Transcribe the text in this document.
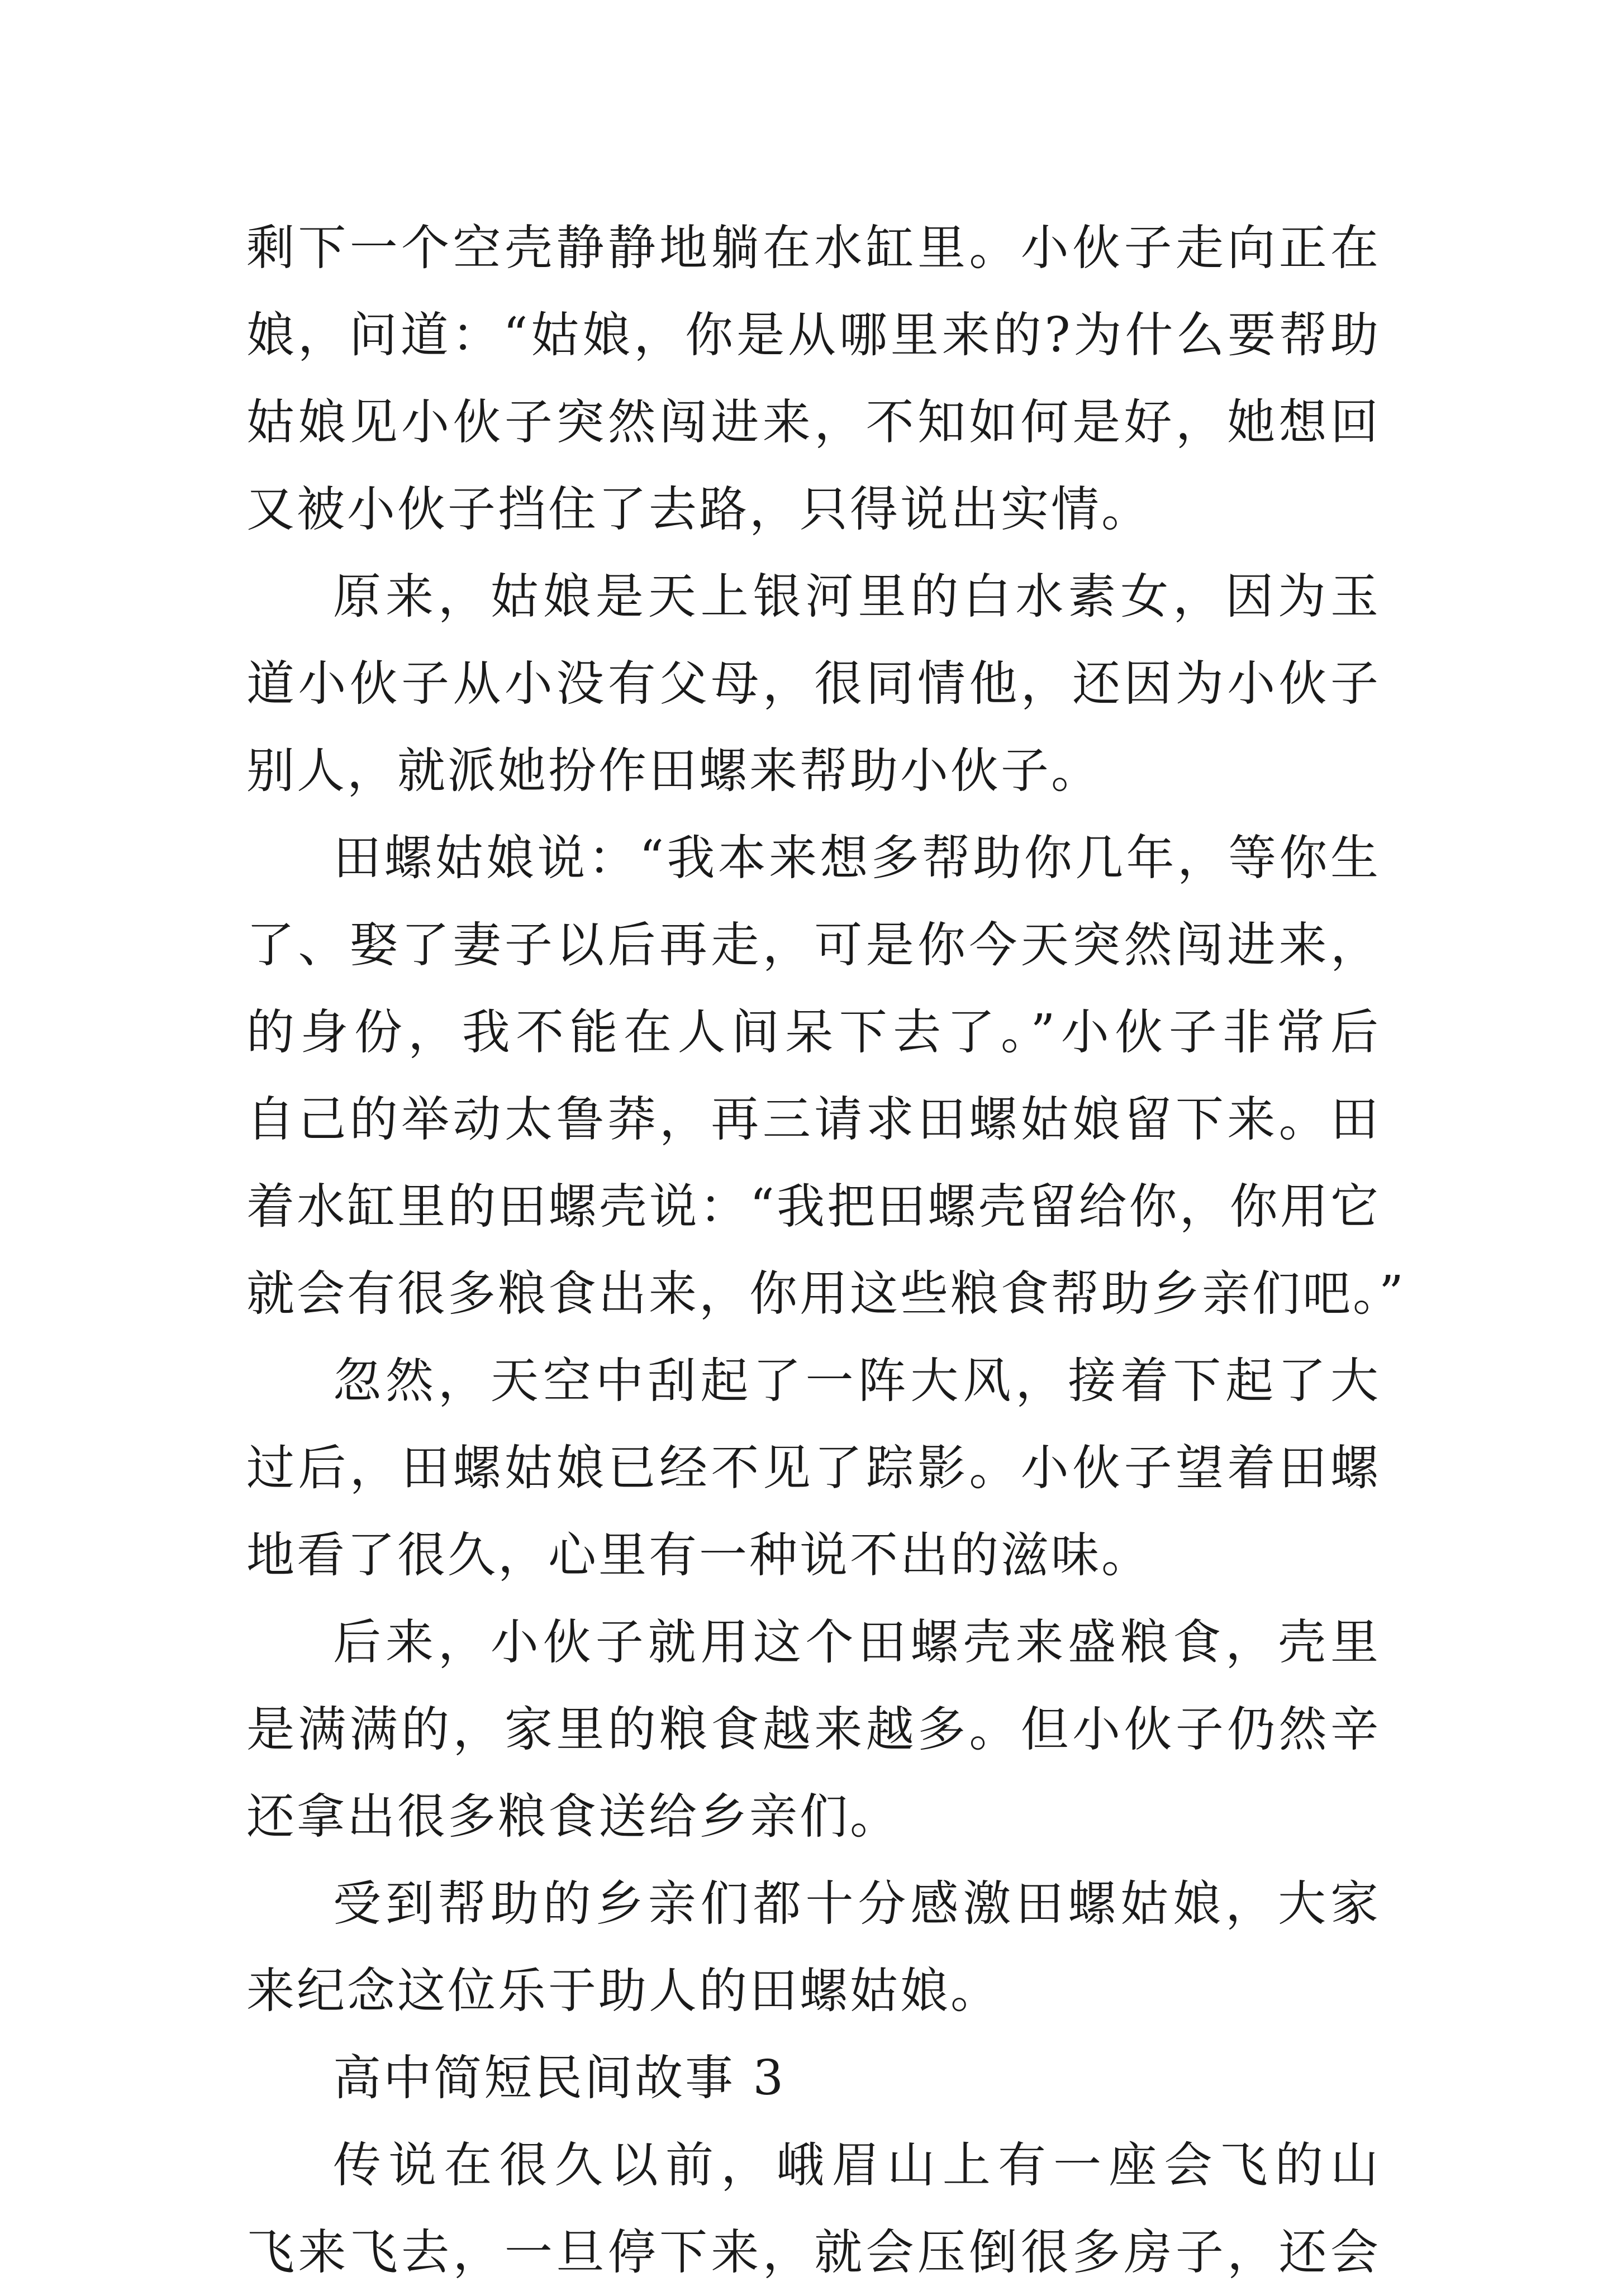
剩下一个空壳静静地躺在水缸里。小伙子走向正在
娘，问道：“姑娘，你是从哪里来的?为什么要帮助
姑娘见小伙子突然闯进来，不知如何是好，她想回
又被小伙子挡住了去路，只得说出实情。
原来，姑娘是天上银河里的白水素女，因为玉
道小伙子从小没有父母，很同情他，还因为小伙子
别人，就派她扮作田螺来帮助小伙子。
田螺姑娘说：“我本来想多帮助你几年，等你生
了、娶了妻子以后再走，可是你今天突然闯进来，
的身份，我不能在人间呆下去了。”小伙子非常后
自己的举动太鲁莽，再三请求田螺姑娘留下来。田
着水缸里的田螺壳说：“我把田螺壳留给你，你用它
就会有很多粮食出来，你用这些粮食帮助乡亲们吧。”
忽然，天空中刮起了一阵大风，接着下起了大
过后，田螺姑娘已经不见了踪影。小伙子望着田螺
地看了很久，心里有一种说不出的滋味。
后来，小伙子就用这个田螺壳来盛粮食，壳里
是满满的，家里的粮食越来越多。但小伙子仍然辛
还拿出很多粮食送给乡亲们。
受到帮助的乡亲们都十分感激田螺姑娘，大家
来纪念这位乐于助人的田螺姑娘。
高中简短民间故事 3
传说在很久以前，峨眉山上有一座会飞的山
飞来飞去，一旦停下来，就会压倒很多房子，还会
